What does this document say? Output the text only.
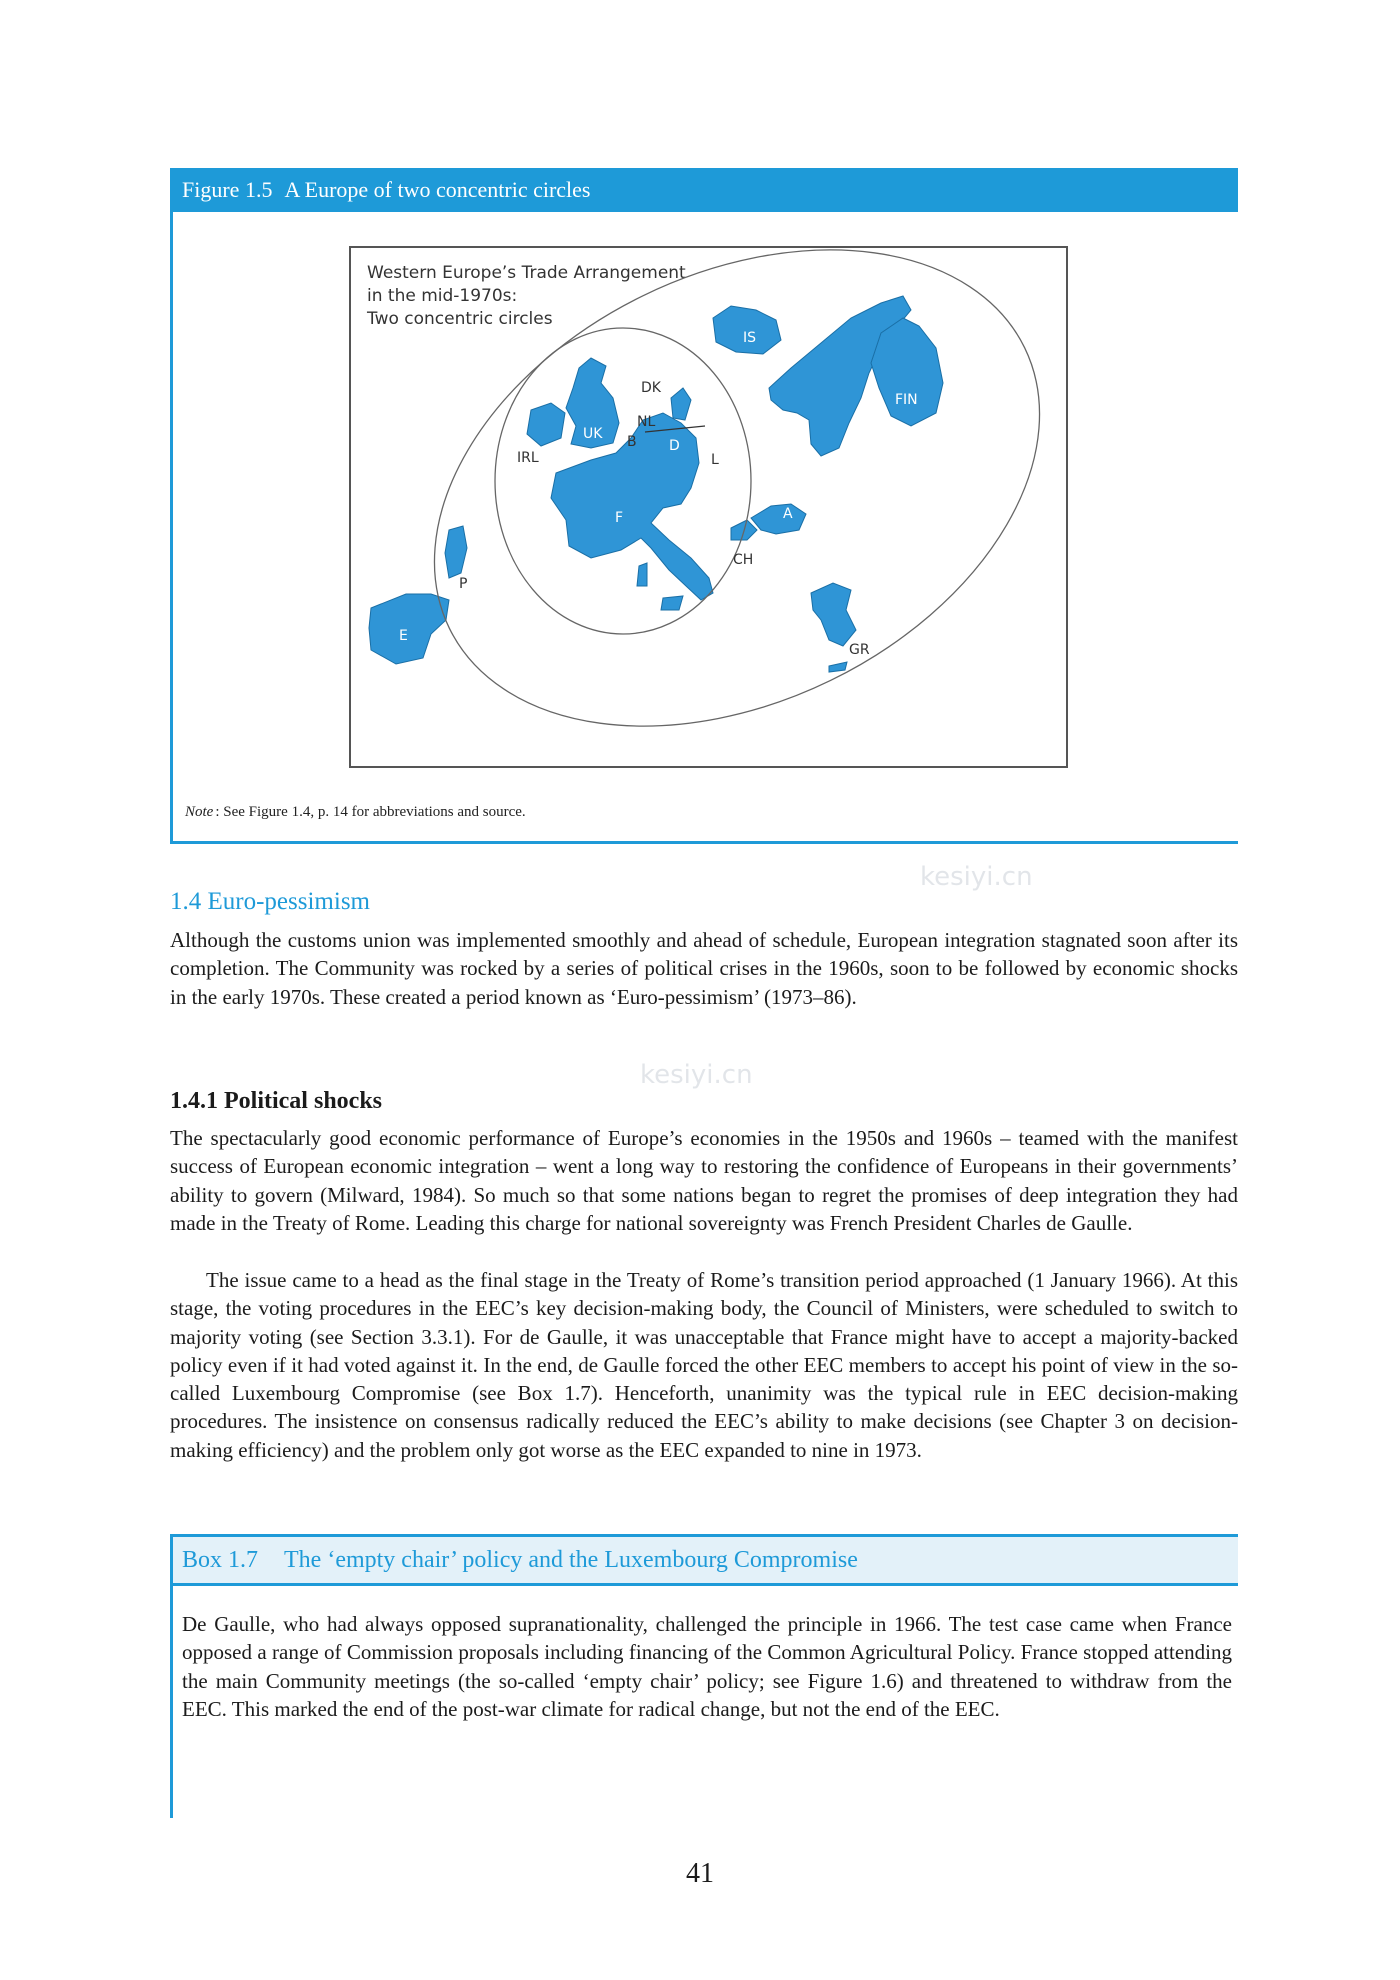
Figure 1.5 A Europe of two concentric circles
Western Europe’s Trade Arrangement
in the mid-1970s:
Two concentric circles
IS
DK
NL
B D
L
UK
IRL
F
I
N
S
FIN
A
CH
P
E
GR
Note : See Figure 1.4, p. 14 for abbreviations and source.
1.4 Euro-pessimism

Although the customs union was implemented smoothly and ahead of schedule, European integration stagnated soon after its completion. The Community was rocked by a series of political crises in the 1960s, soon to be followed by economic shocks in the early 1970s. These created a period known as ‘Euro-pessimism’ (1973–86).

1.4.1 Political shocks

The spectacularly good economic performance of Europe’s economies in the 1950s and 1960s – teamed with the manifest success of European economic integration – went a long way to restoring the confidence of Europeans in their governments’ ability to govern (Milward, 1984). So much so that some nations began to regret the promises of deep integration they had made in the Treaty of Rome. Leading this charge for national sovereignty was French President Charles de Gaulle.

The issue came to a head as the final stage in the Treaty of Rome’s transition period approached (1 January 1966). At this stage, the voting procedures in the EEC’s key decision-making body, the Council of Ministers, were scheduled to switch to majority voting (see Section 3.3.1). For de Gaulle, it was unacceptable that France might have to accept a majority-backed policy even if it had voted against it. In the end, de Gaulle forced the other EEC members to accept his point of view in the so-called Luxembourg Compromise (see Box 1.7). Henceforth, unanimity was the typical rule in EEC decision-making procedures. The insistence on consensus radically reduced the EEC’s ability to make decisions (see Chapter 3 on decision-making efficiency) and the problem only got worse as the EEC expanded to nine in 1973.

Box 1.7 The ‘empty chair’ policy and the Luxembourg Compromise

De Gaulle, who had always opposed supranationality, challenged the principle in 1966. The test case came when France opposed a range of Commission proposals including financing of the Common Agricultural Policy. France stopped attending the main Community meetings (the so-called ‘empty chair’ policy; see Figure 1.6) and threatened to withdraw from the EEC. This marked the end of the post-war climate for radical change, but not the end of the EEC.

kesiyi.cn
kesiyi.cn
41
